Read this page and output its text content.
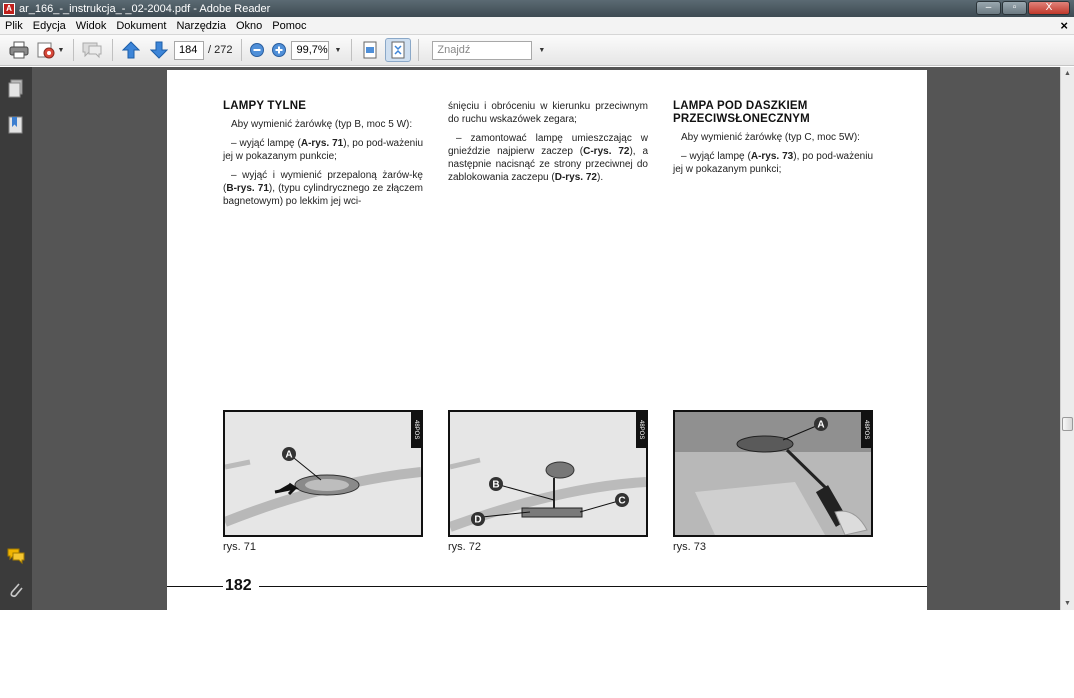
A ar_166_-_instrukcja_-_02-2004.pdf - Adobe Reader	–	▫	X
Plik Edycja Widok Dokument Narzędzia Okno Pomoc	×
▼	184 / 272	99,7% ▼	Znajdź	▼
LAMPY TYLNE

Aby wymienić żarówkę (typ B, moc 5 W):

– wyjąć lampę (A-rys. 71), po pod-ważeniu jej w pokazanym punkcie;

– wyjąć i wymienić przepaloną żarów-kę (B-rys. 71), (typu cylindrycznego ze złączem bagnetowym) po lekkim jej wci-

śnięciu i obróceniu w kierunku przeciwnym do ruchu wskazówek zegara;

– zamontować lampę umieszczając w gnieździe najpierw zaczep (C-rys. 72), a następnie nacisnąć ze strony przeciwnej do zablokowania zaczepu (D-rys. 72).

LAMPA POD DASZKIEM
PRZECIWSŁONECZNYM

Aby wymienić żarówkę (typ C, moc 5W):

– wyjąć lampę (A-rys. 73), po pod-ważeniu jej w pokazanym punkci;

A
48POS
rys. 71
B
C
D
48POS
rys. 72
A	48POS
rys. 73
182
▲
▼
